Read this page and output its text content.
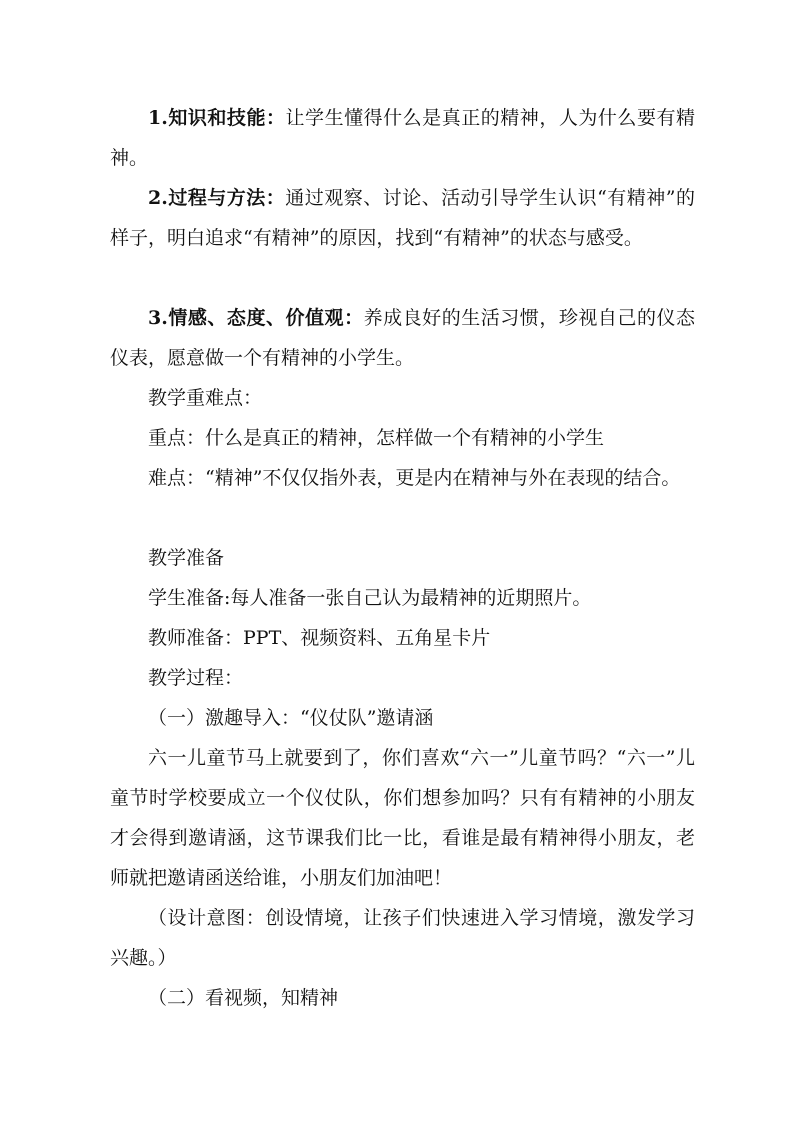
1.知识和技能：让学生懂得什么是真正的精神，人为什么要有精神。

2.过程与方法：通过观察、讨论、活动引导学生认识“有精神”的样子，明白追求“有精神”的原因，找到“有精神”的状态与感受。

3.情感、态度、价值观：养成良好的生活习惯，珍视自己的仪态仪表，愿意做一个有精神的小学生。

教学重难点：

重点：什么是真正的精神，怎样做一个有精神的小学生

难点：“精神”不仅仅指外表，更是内在精神与外在表现的结合。

教学准备

学生准备:每人准备一张自己认为最精神的近期照片。

教师准备：PPT、视频资料、五角星卡片

教学过程：

（一）激趣导入：“仪仗队”邀请涵

六一儿童节马上就要到了，你们喜欢“六一”儿童节吗？“六一”儿童节时学校要成立一个仪仗队，你们想参加吗？只有有精神的小朋友才会得到邀请涵，这节课我们比一比，看谁是最有精神得小朋友，老师就把邀请函送给谁，小朋友们加油吧！

（设计意图：创设情境，让孩子们快速进入学习情境，激发学习兴趣。）

（二）看视频，知精神
